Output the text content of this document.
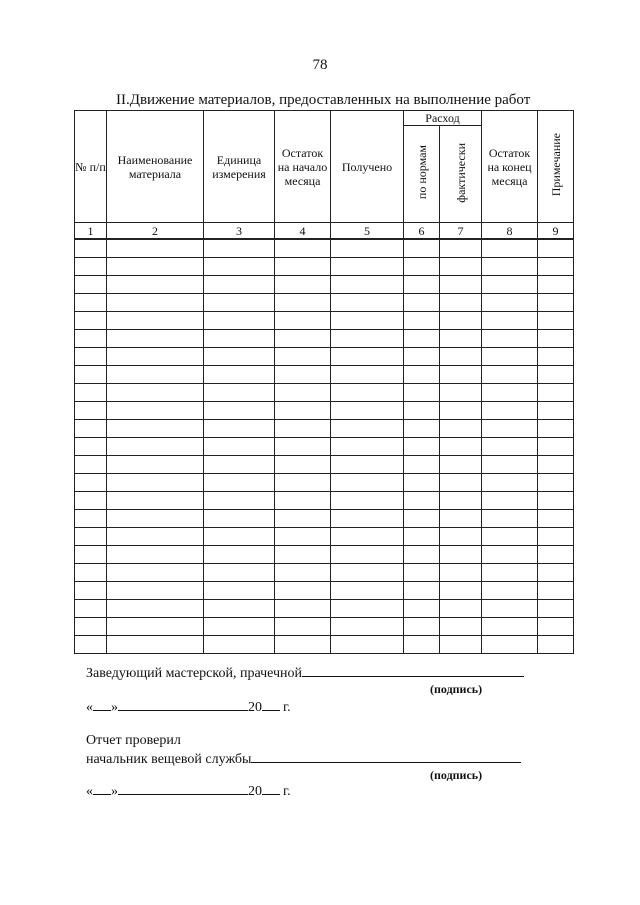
78
II.Движение материалов, предоставленных на выполнение работ
№ п/п	Наименование материала	Единица измерения	Остаток на начало месяца	Получено	Расход		Остаток на конец месяца	Примечание
					по нормам	фактически		
1	2	3	4	5	6	7	8	9

Заведующий мастерской, прачечной
(подпись)
« »	20 г.
Отчет проверил
начальник вещевой службы
(подпись)
« »	20 г.
